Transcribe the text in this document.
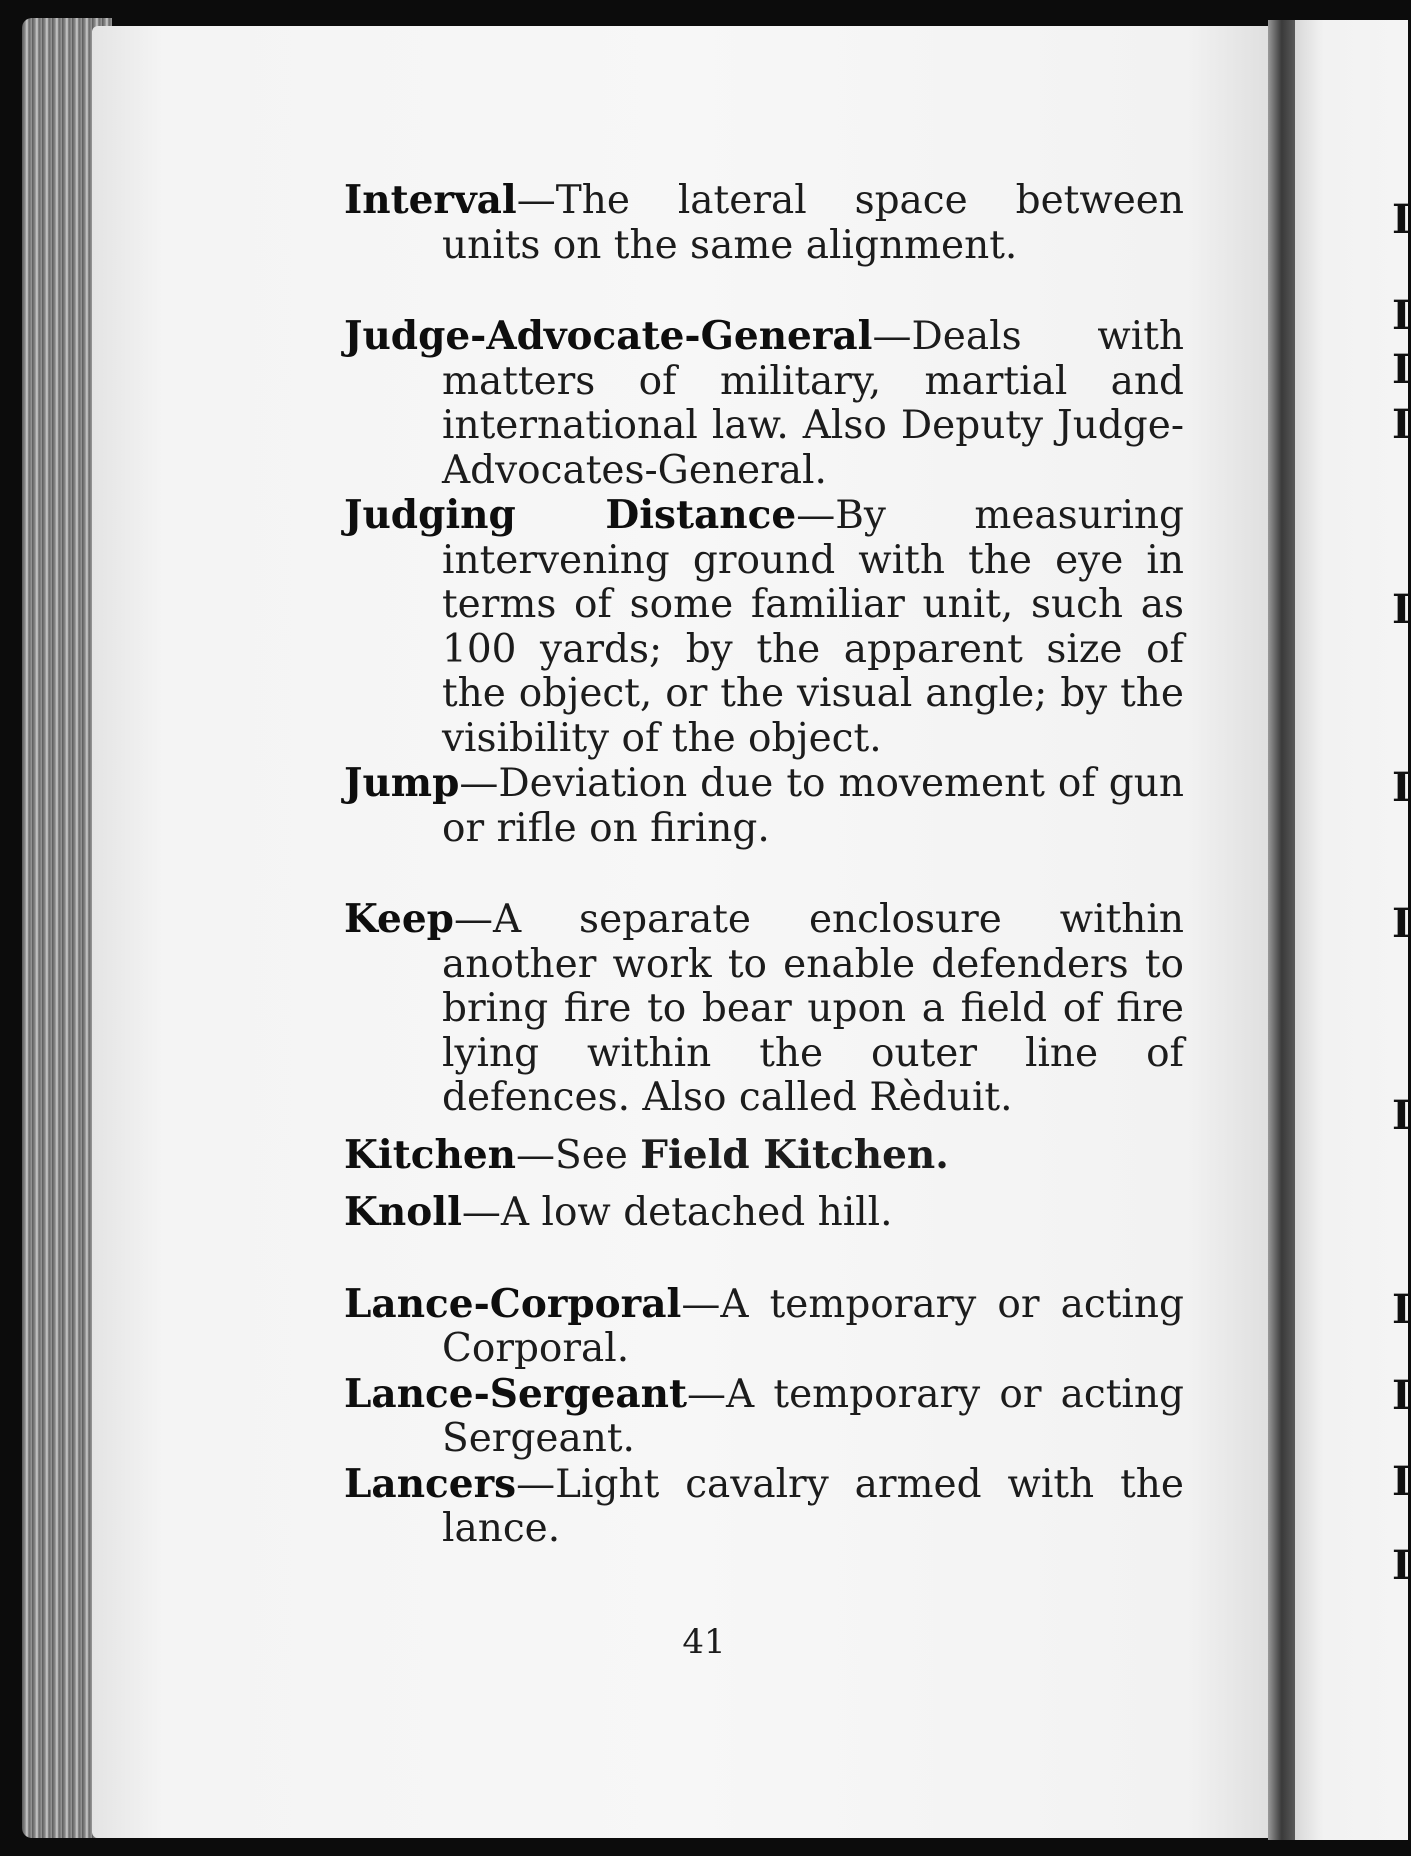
I
I
I
I
I
I
I
I
I
I
I
I

Interval—The lateral space between units on the same alignment.

Judge-Advocate-General—Deals with matters of military, martial and international law. Also Deputy Judge-Advocates-General.

Judging Distance—By measuring intervening ground with the eye in terms of some familiar unit, such as 100 yards; by the apparent size of the object, or the visual angle; by the visibility of the object.

Jump—Deviation due to movement of gun or rifle on firing.

Keep—A separate enclosure within another work to enable defenders to bring fire to bear upon a field of fire lying within the outer line of defences. Also called Rèduit.

Kitchen—See Field Kitchen.

Knoll—A low detached hill.

Lance-Corporal—A temporary or acting Corporal.

Lance-Sergeant—A temporary or acting Sergeant.

Lancers—Light cavalry armed with the lance.

41
